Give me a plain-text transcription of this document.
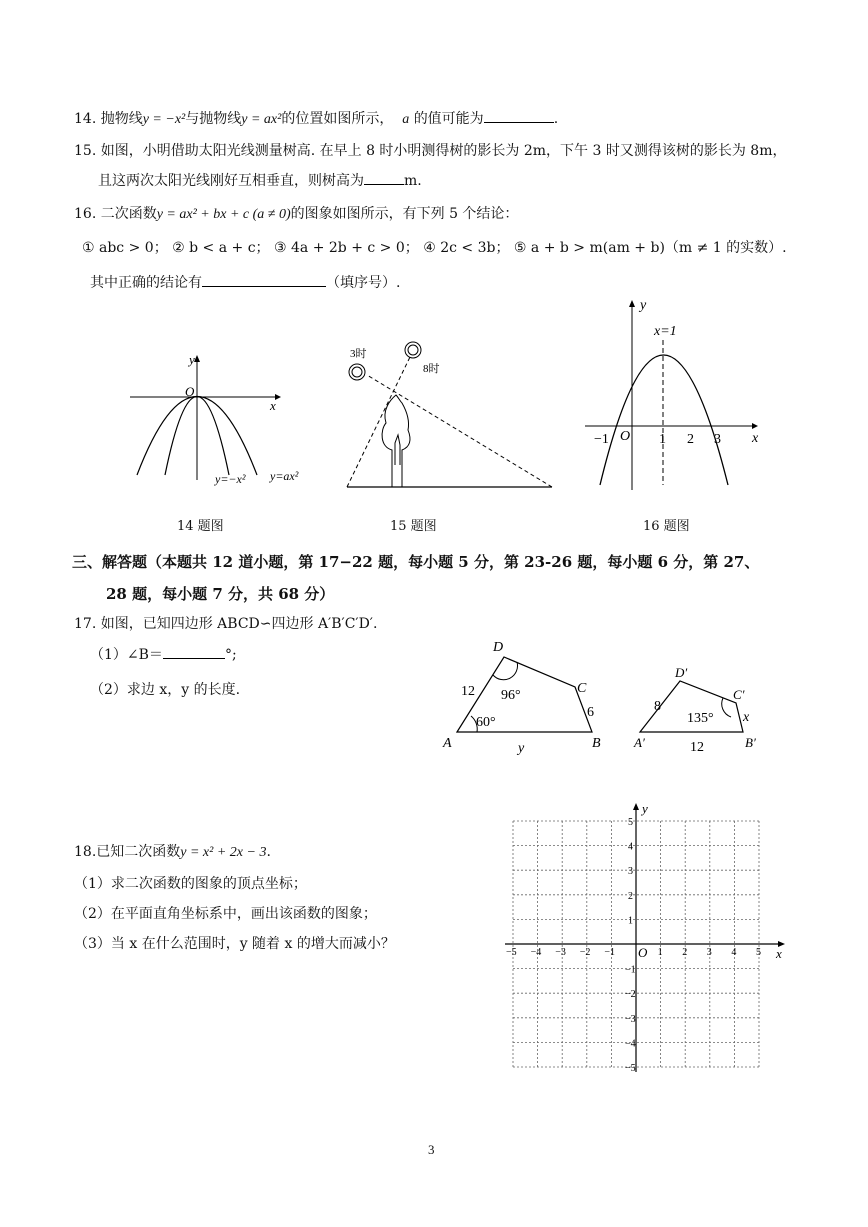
14. 抛物线y = −x²与抛物线y = ax²的位置如图所示， a 的值可能为	.
15. 如图，小明借助太阳光线测量树高. 在早上 8 时小明测得树的影长为 2m，下午 3 时又测得该树的影长为 8m，
且这两次太阳光线刚好互相垂直，则树高为	m.
16. 二次函数y = ax² + bx + c (a ≠ 0)的图象如图所示，有下列 5 个结论：
① abc > 0； ② b < a + c； ③ 4a + 2b + c > 0； ④ 2c < 3b； ⑤ a + b > m(am + b)（m ≠ 1 的实数）.
其中正确的结论有	（填序号）.
y
x
O
y=−x² y=ax²
14 题图
3时
8时
15 题图
y
x
O
x=1
−1	1 2 3
16 题图
三、解答题（本题共 12 道小题，第 17−22 题，每小题 5 分，第 23-26 题，每小题 6 分，第 27、
28 题，每小题 7 分，共 68 分）
17. 如图，已知四边形 ABCD∽四边形 A′B′C′D′.
（1）∠B＝	°;
（2）求边 x，y 的长度.
A	B
C
D
12
6
y
96°
60°
A′	B′
C′
D′
8
12
x
135°
18.已知二次函数y = x² + 2x − 3.
（1）求二次函数的图象的顶点坐标；
（2）在平面直角坐标系中，画出该函数的图象；
（3）当 x 在什么范围时，y 随着 x 的增大而减小？
x
y
O
−5
−5
−4
−4
−3
−3
−2
−2
−1
−1
1
1
2
2
3
3
4
4
5
5
3
